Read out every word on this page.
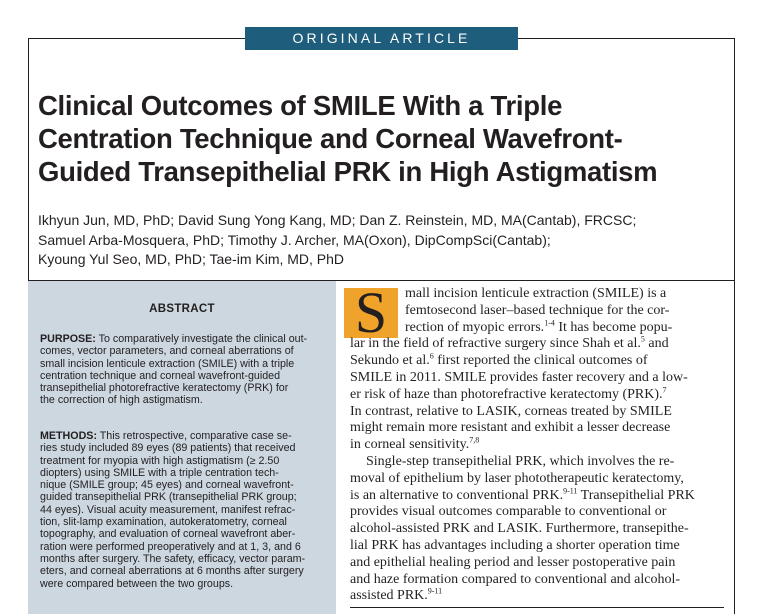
ORIGINAL ARTICLE
Clinical Outcomes of SMILE With a Triple
Centration Technique and Corneal Wavefront-
Guided Transepithelial PRK in High Astigmatism

Ikhyun Jun, MD, PhD; David Sung Yong Kang, MD; Dan Z. Reinstein, MD, MA(Cantab), FRCSC;
Samuel Arba-Mosquera, PhD; Timothy J. Archer, MA(Oxon), DipCompSci(Cantab);
Kyoung Yul Seo, MD, PhD; Tae-im Kim, MD, PhD

ABSTRACT

PURPOSE: To comparatively investigate the clinical out-
comes, vector parameters, and corneal aberrations of
small incision lenticule extraction (SMILE) with a triple
centration technique and corneal wavefront-guided
transepithelial photorefractive keratectomy (PRK) for
the correction of high astigmatism.

METHODS: This retrospective, comparative case se-
ries study included 89 eyes (89 patients) that received
treatment for myopia with high astigmatism (≥ 2.50
diopters) using SMILE with a triple centration tech-
nique (SMILE group; 45 eyes) and corneal wavefront-
guided transepithelial PRK (transepithelial PRK group;
44 eyes). Visual acuity measurement, manifest refrac-
tion, slit-lamp examination, autokeratometry, corneal
topography, and evaluation of corneal wavefront aber-
ration were performed preoperatively and at 1, 3, and 6
months after surgery. The safety, efficacy, vector param-
eters, and corneal aberrations at 6 months after surgery
were compared between the two groups.

S	mall incision lenticule extraction (SMILE) is a
femtosecond laser–based technique for the cor-
rection of myopic errors.$^{1-4}$ It has become popu-
lar in the field of refractive surgery since Shah et al.$^5$ and
Sekundo et al.$^6$ first reported the clinical outcomes of
SMILE in 2011. SMILE provides faster recovery and a low-
er risk of haze than photorefractive keratectomy (PRK).$^7$
In contrast, relative to LASIK, corneas treated by SMILE
might remain more resistant and exhibit a lesser decrease
in corneal sensitivity.$^{7,8}$
Single-step transepithelial PRK, which involves the re-
moval of epithelium by laser phototherapeutic keratectomy,
is an alternative to conventional PRK.$^{9-11}$ Transepithelial PRK
provides visual outcomes comparable to conventional or
alcohol-assisted PRK and LASIK. Furthermore, transepithe-
lial PRK has advantages including a shorter operation time
and epithelial healing period and lesser postoperative pain
and haze formation compared to conventional and alcohol-
assisted PRK.$^{9-11}$
